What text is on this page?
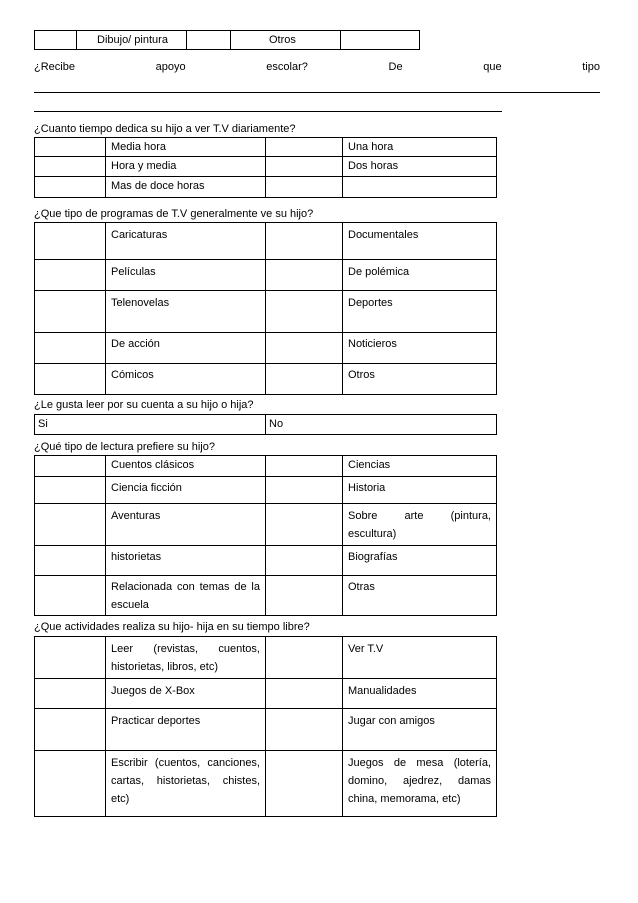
	Dibujo/ pintura		Otros	
¿Recibe	apoyo	escolar?	De	que	tipo
¿Cuanto tiempo dedica su hijo a ver T.V diariamente?
	Media hora		Una hora
	Hora y media		Dos horas
	Mas de doce horas		
¿Que tipo de programas de T.V generalmente ve su hijo?
	Caricaturas		Documentales
	Películas		De polémica
	Telenovelas		Deportes
	De acción		Noticieros
	Cómicos		Otros
¿Le gusta leer por su cuenta a su hijo o hija?
Si	No
¿Qué tipo de lectura prefiere su hijo?
	Cuentos clásicos		Ciencias
	Ciencia ficción		Historia
	Aventuras		Sobre arte (pintura, escultura)
	historietas		Biografías
	Relacionada con temas de la escuela		Otras
¿Que actividades realiza su hijo- hija en su tiempo libre?
	Leer (revistas, cuentos, historietas, libros, etc)		Ver T.V
	Juegos de X-Box		Manualidades
	Practicar deportes		Jugar con amigos
	Escribir (cuentos, canciones, cartas, historietas, chistes, etc)		Juegos de mesa (lotería, domino, ajedrez, damas china, memorama, etc)
